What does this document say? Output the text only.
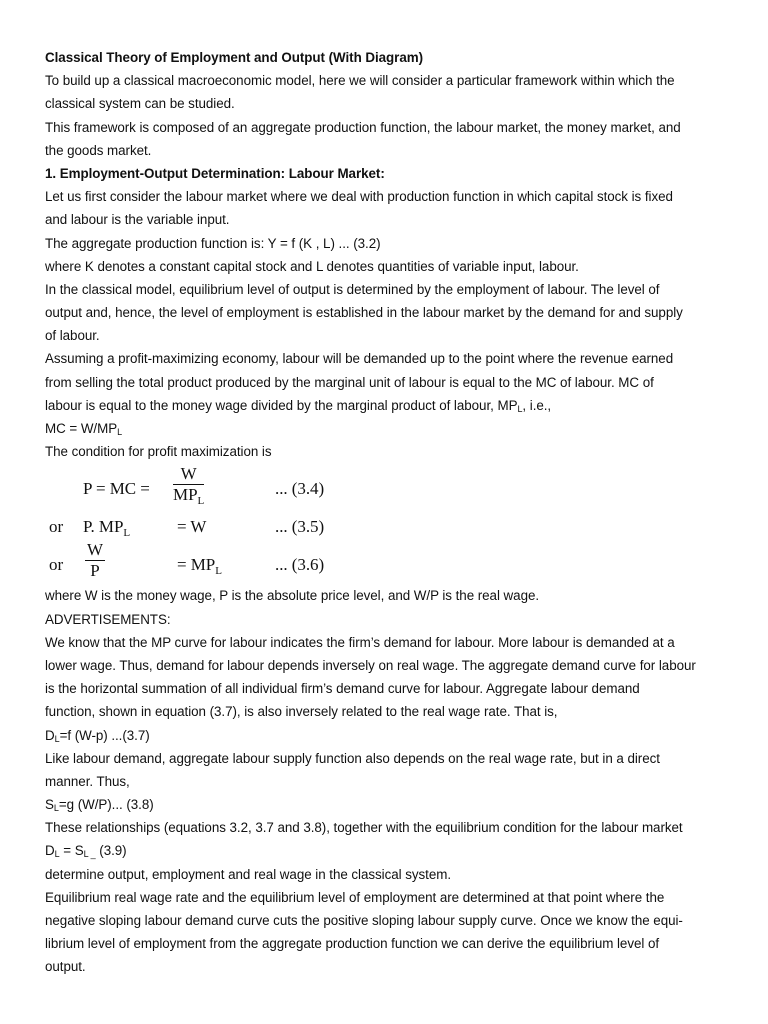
Classical Theory of Employment and Output (With Diagram)
To build up a classical macroeconomic model, here we will consider a particular framework within which the
classical system can be studied.
This framework is composed of an aggregate production function, the labour market, the money market, and
the goods market.
1. Employment-Output Determination: Labour Market:
Let us first consider the labour market where we deal with production function in which capital stock is fixed
and labour is the variable input.
The aggregate production function is: Y = f (K , L) ... (3.2)
where K denotes a constant capital stock and L denotes quantities of variable input, labour.
In the classical model, equilibrium level of output is determined by the employment of labour. The level of
output and, hence, the level of employment is established in the labour market by the demand for and supply
of labour.
Assuming a profit-maximizing economy, labour will be demanded up to the point where the revenue earned
from selling the total product produced by the marginal unit of labour is equal to the MC of labour. MC of
labour is equal to the money wage divided by the marginal product of labour, $MP_L$, i.e.,
MC = $W/MP_L$
The condition for profit maximization is
P = MC =
W
$MP_L$
... (3.4)
or P. $MP_L$	= W	... (3.5)
or $\frac{W}{P}$	= $MP_L$	... (3.6)
where W is the money wage, P is the absolute price level, and W/P is the real wage.
ADVERTISEMENTS:
We know that the MP curve for labour indicates the firm’s demand for labour. More labour is demanded at a
lower wage. Thus, demand for labour depends inversely on real wage. The aggregate demand curve for labour
is the horizontal summation of all individual firm’s demand curve for labour. Aggregate labour demand
function, shown in equation (3.7), is also inversely related to the real wage rate. That is,
$D_L=f$ (W-p) ...(3.7)
Like labour demand, aggregate labour supply function also depends on the real wage rate, but in a direct
manner. Thus,
$S_L=g$ (W/P)... (3.8)
These relationships (equations 3.2, 3.7 and 3.8), together with the equilibrium condition for the labour market
$D_L = S_{L \_}$ (3.9)
determine output, employment and real wage in the classical system.
Equilibrium real wage rate and the equilibrium level of employment are determined at that point where the
negative sloping labour demand curve cuts the positive sloping labour supply curve. Once we know the equi-
librium level of employment from the aggregate production function we can derive the equilibrium level of
output.
